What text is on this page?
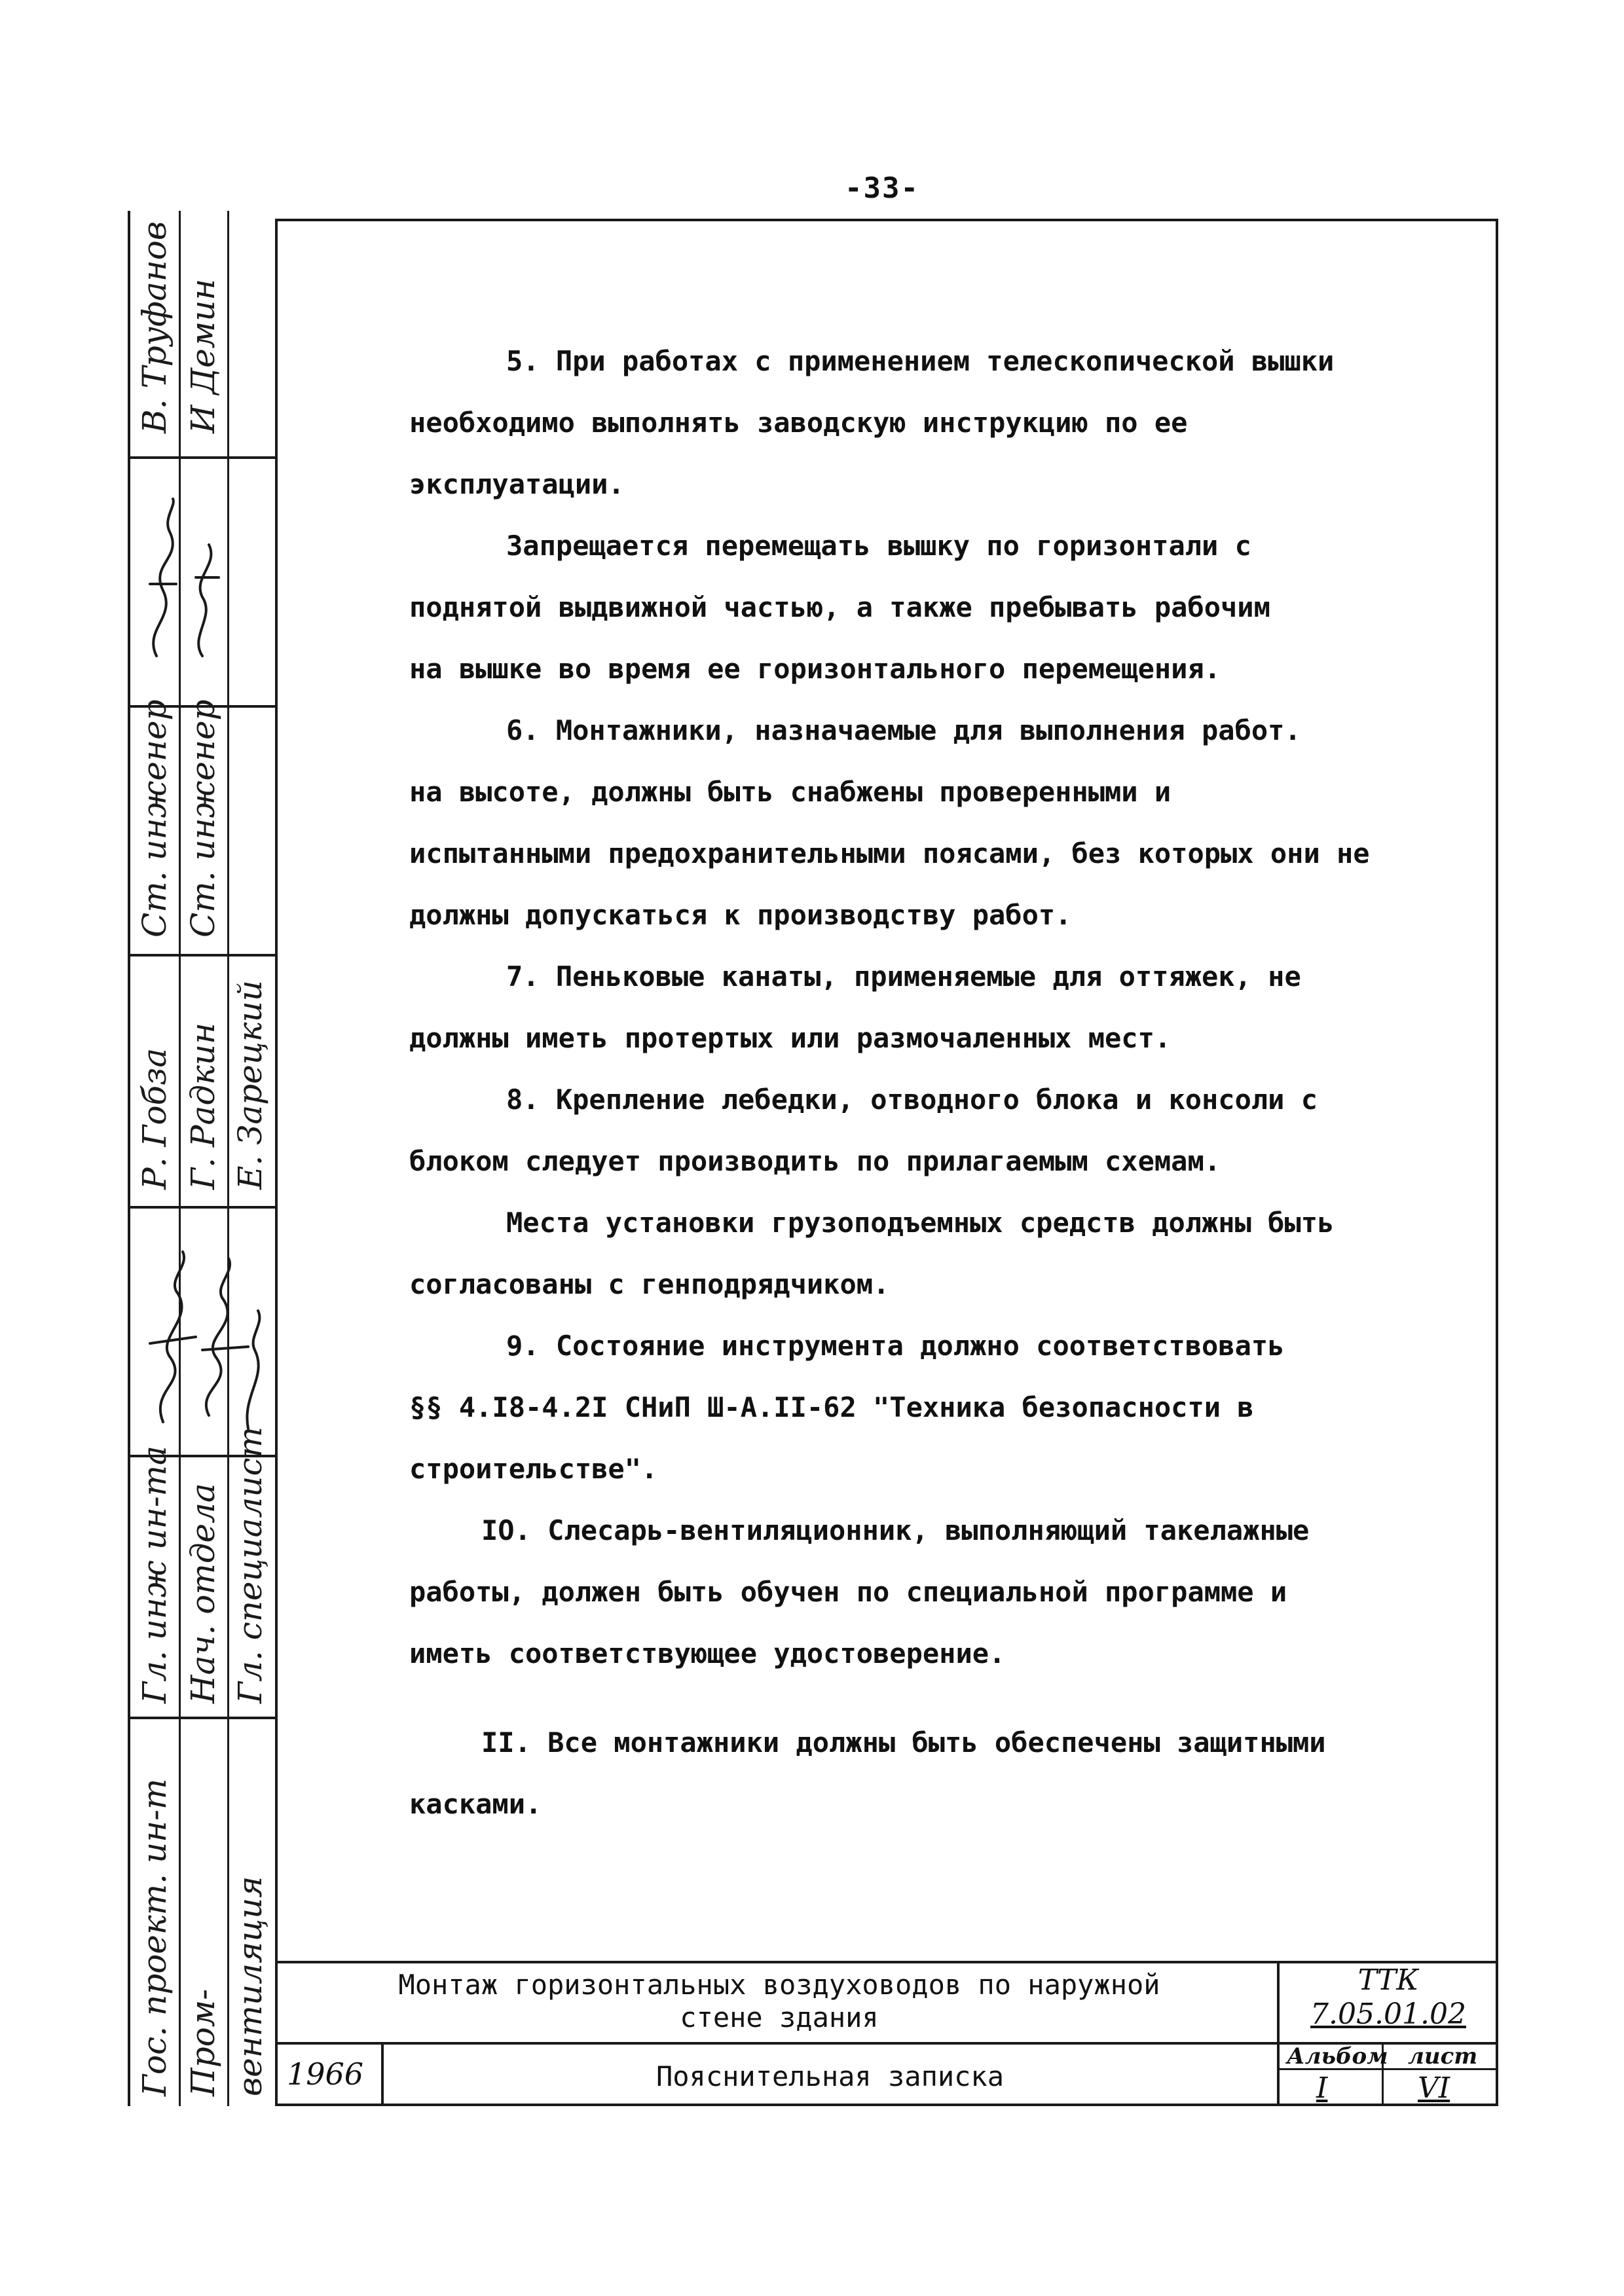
-33-
В. Труфанов И Демин
Ст. инженер Ст. инженер
Р. Гобза Г. Радкин Е. Зарецкий
Гл. инж ин-та Нач. отдела Гл. специалист
Гос. проект. ин-т Пром- вентиляция

5. При работах с применением телескопической вышки

необходимо выполнять заводскую инструкцию по ее

эксплуатации.

Запрещается перемещать вышку по горизонтали с

поднятой выдвижной частью, а также пребывать рабочим

на вышке во время ее горизонтального перемещения.

6. Монтажники, назначаемые для выполнения работ.

на высоте, должны быть снабжены проверенными и

испытанными предохранительными поясами, без которых они не

должны допускаться к производству работ.

7. Пеньковые канаты, применяемые для оттяжек, не

должны иметь протертых или размочаленных мест.

8. Крепление лебедки, отводного блока и консоли с

блоком следует производить по прилагаемым схемам.

Места установки грузоподъемных средств должны быть

согласованы с генподрядчиком.

9. Состояние инструмента должно соответствовать

§§ 4.I8-4.2I СНиП Ш-А.II-62 "Техника безопасности в

строительстве".

IO. Слесарь-вентиляционник, выполняющий такелажные

работы, должен быть обучен по специальной программе и

иметь соответствующее удостоверение.

II. Все монтажники должны быть обеспечены защитными

касками.

Монтаж горизонтальных воздуховодов по наружной
стене здания
ТТК
7.05.01.02
1966	Пояснительная записка
Альбом лист
I	VI
